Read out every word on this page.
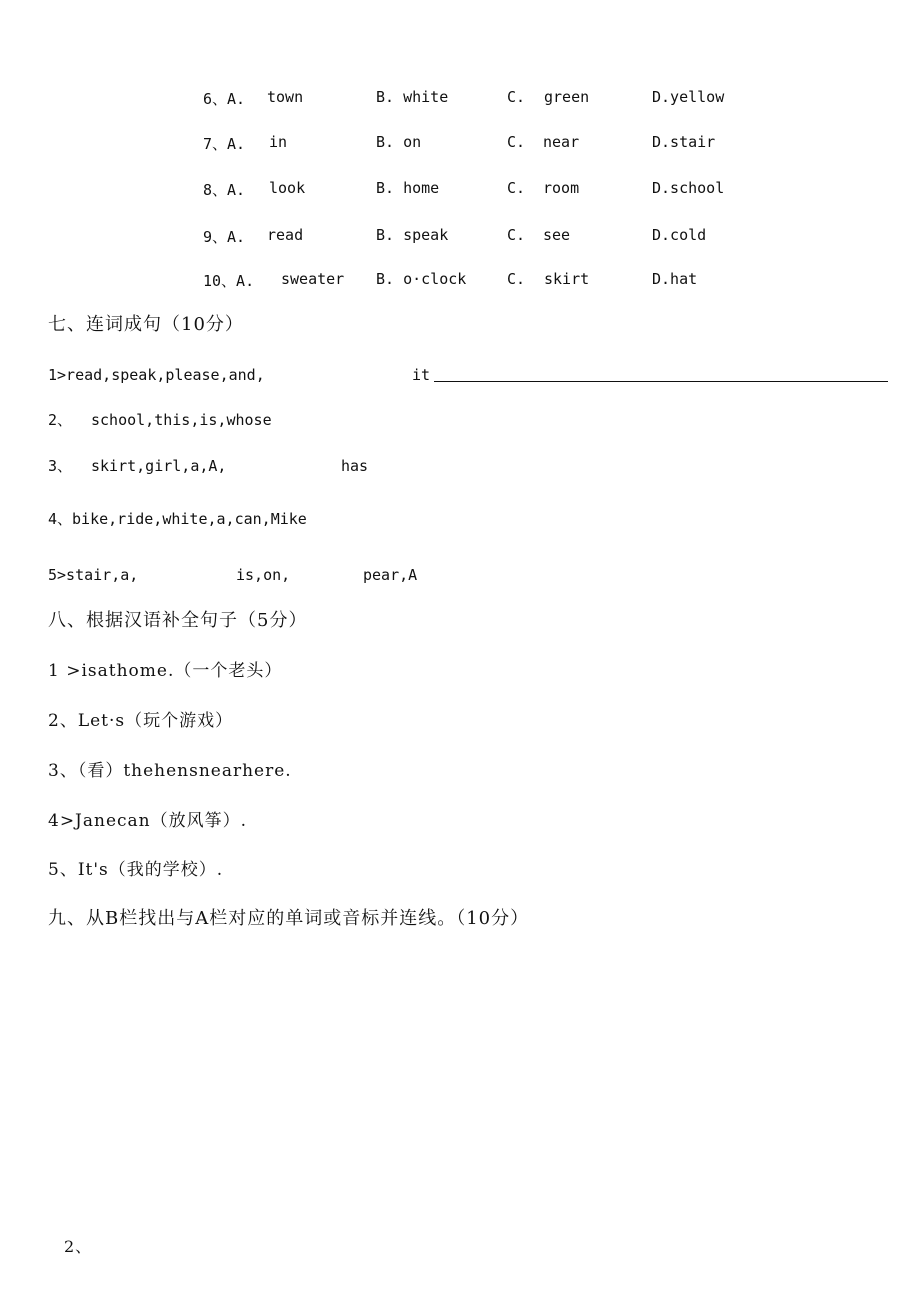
6、A. town	B. white	C. green	D.yellow
7、A. in	B. on	C. near	D.stair
8、A. look	B. home	C. room	D.school
9、A. read	B. speak	C. see	D.cold
10、A. sweater B. o·clock	C. skirt	D.hat
七、连词成句（10分）
1>read,speak,please,and,	it
2、 school,this,is,whose
3、 skirt,girl,a,A,	has
4、bike,ride,white,a,can,Mike
5>stair,a,	is,on,	pear,A
八、根据汉语补全句子（5分）
1 >isathome.（一个老头）
2、Let·s（玩个游戏）
3、（看）thehensnearhere.
4>Janecan（放风筝）.
5、It's（我的学校）.
九、从B栏找出与A栏对应的单词或音标并连线。（10分）
2、
